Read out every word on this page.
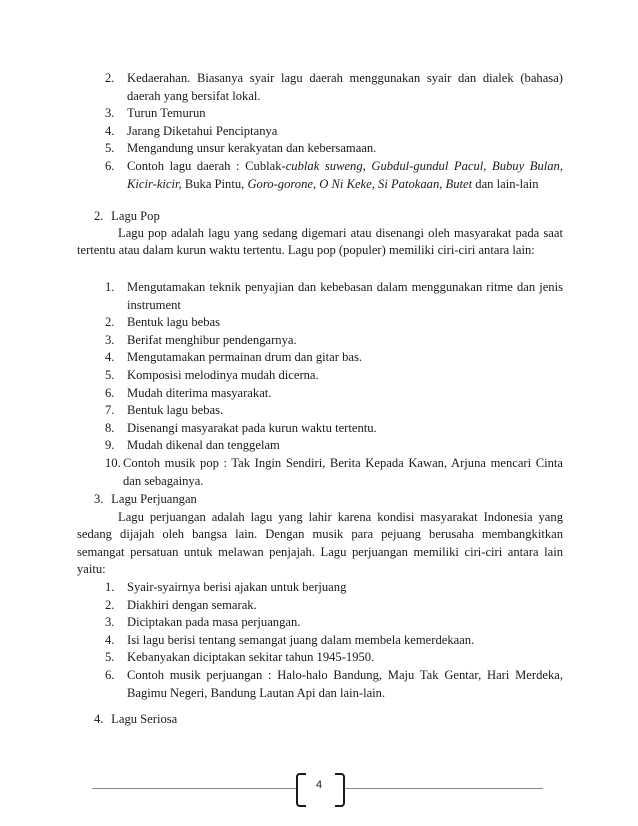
2. Kedaerahan. Biasanya syair lagu daerah menggunakan syair dan dialek (bahasa) daerah yang bersifat lokal.
3. Turun Temurun
4. Jarang Diketahui Penciptanya
5. Mengandung unsur kerakyatan dan kebersamaan.
6. Contoh lagu daerah : Cublak-cublak suweng, Gubdul-gundul Pacul, Bubuy Bulan, Kicir-kicir, Buka Pintu, Goro-gorone, O Ni Keke, Si Patokaan, Butet dan lain-lain
2. Lagu Pop

Lagu pop adalah lagu yang sedang digemari atau disenangi oleh masyarakat pada saat tertentu atau dalam kurun waktu tertentu. Lagu pop (populer) memiliki ciri-ciri antara lain:

1. Mengutamakan teknik penyajian dan kebebasan dalam menggunakan ritme dan jenis instrument
2. Bentuk lagu bebas
3. Berifat menghibur pendengarnya.
4. Mengutamakan permainan drum dan gitar bas.
5. Komposisi melodinya mudah dicerna.
6. Mudah diterima masyarakat.
7. Bentuk lagu bebas.
8. Disenangi masyarakat pada kurun waktu tertentu.
9. Mudah dikenal dan tenggelam
10. Contoh musik pop : Tak Ingin Sendiri, Berita Kepada Kawan, Arjuna mencari Cinta dan sebagainya.
3. Lagu Perjuangan

Lagu perjuangan adalah lagu yang lahir karena kondisi masyarakat Indonesia yang sedang dijajah oleh bangsa lain. Dengan musik para pejuang berusaha membangkitkan semangat persatuan untuk melawan penjajah. Lagu perjuangan memiliki ciri-ciri antara lain yaitu:

1. Syair-syairnya berisi ajakan untuk berjuang
2. Diakhiri dengan semarak.
3. Diciptakan pada masa perjuangan.
4. Isi lagu berisi tentang semangat juang dalam membela kemerdekaan.
5. Kebanyakan diciptakan sekitar tahun 1945-1950.
6. Contoh musik perjuangan : Halo-halo Bandung, Maju Tak Gentar, Hari Merdeka, Bagimu Negeri, Bandung Lautan Api dan lain-lain.
4. Lagu Seriosa
4
